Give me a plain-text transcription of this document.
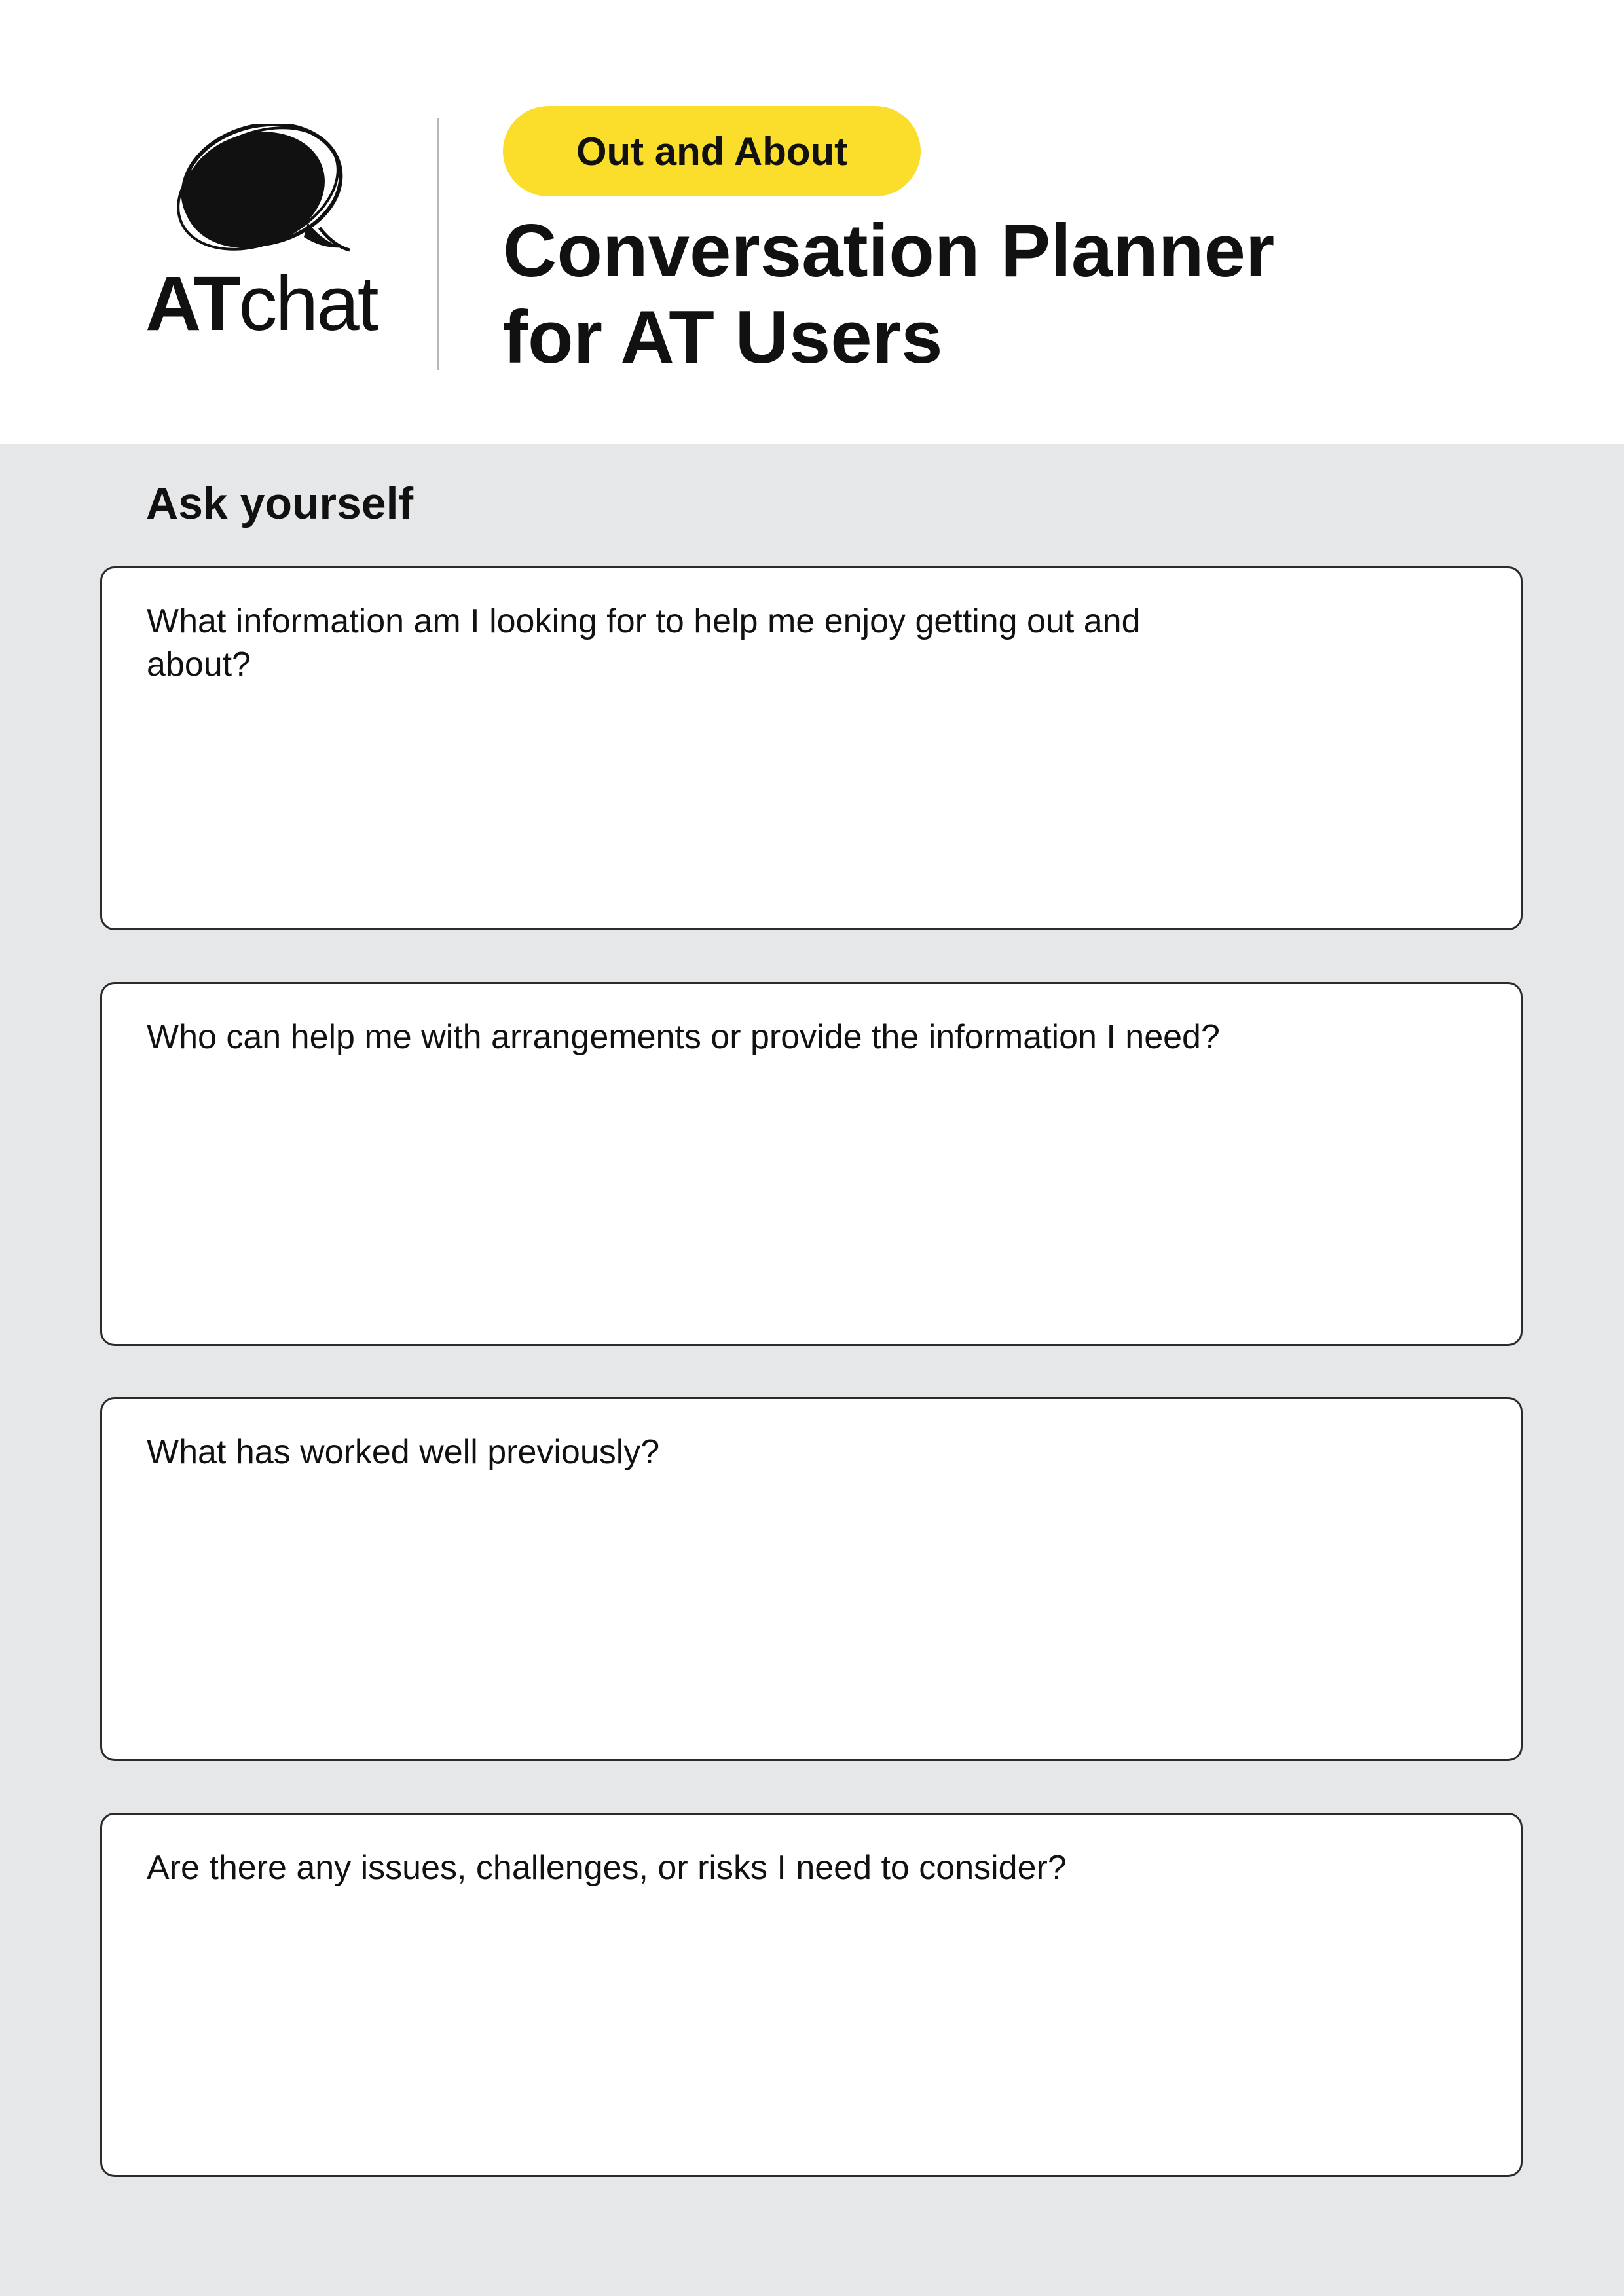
ATchat
Out and About
Conversation Planner
for AT Users
Ask yourself
What information am I looking for to help me enjoy getting out and about?
Who can help me with arrangements or provide the information I need?
What has worked well previously?
Are there any issues, challenges, or risks I need to consider?
